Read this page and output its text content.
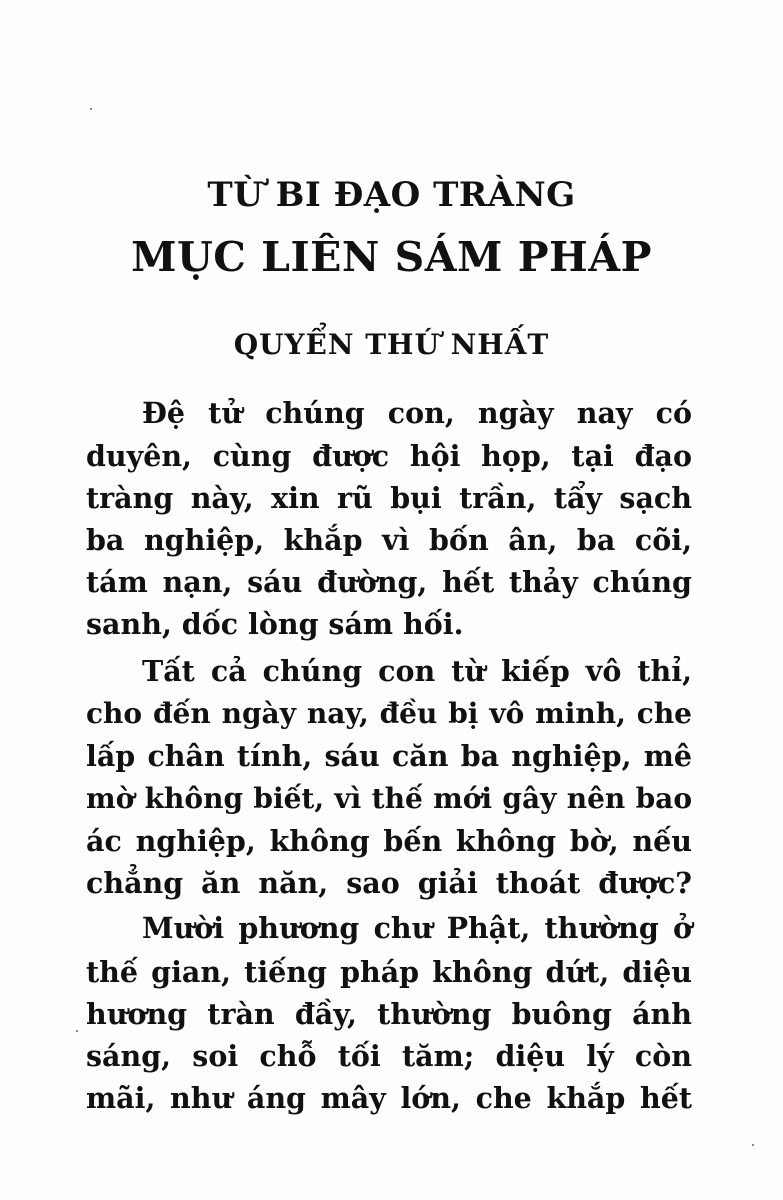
TỪ BI ĐẠO TRÀNG
MỤC LIÊN SÁM PHÁP
QUYỂN THỨ NHẤT
Đệ tử chúng con, ngày nay có
duyên, cùng được hội họp, tại đạo
tràng này, xin rũ bụi trần, tẩy sạch
ba nghiệp, khắp vì bốn ân, ba cõi,
tám nạn, sáu đường, hết thảy chúng
sanh, dốc lòng sám hối.
Tất cả chúng con từ kiếp vô thỉ,
cho đến ngày nay, đều bị vô minh, che
lấp chân tính, sáu căn ba nghiệp, mê
mờ không biết, vì thế mới gây nên bao
ác nghiệp, không bến không bờ, nếu
chẳng ăn năn, sao giải thoát được?
Mười phương chư Phật, thường ở
thế gian, tiếng pháp không dứt, diệu
hương tràn đầy, thường buông ánh
sáng, soi chỗ tối tăm; diệu lý còn
mãi, như áng mây lớn, che khắp hết
